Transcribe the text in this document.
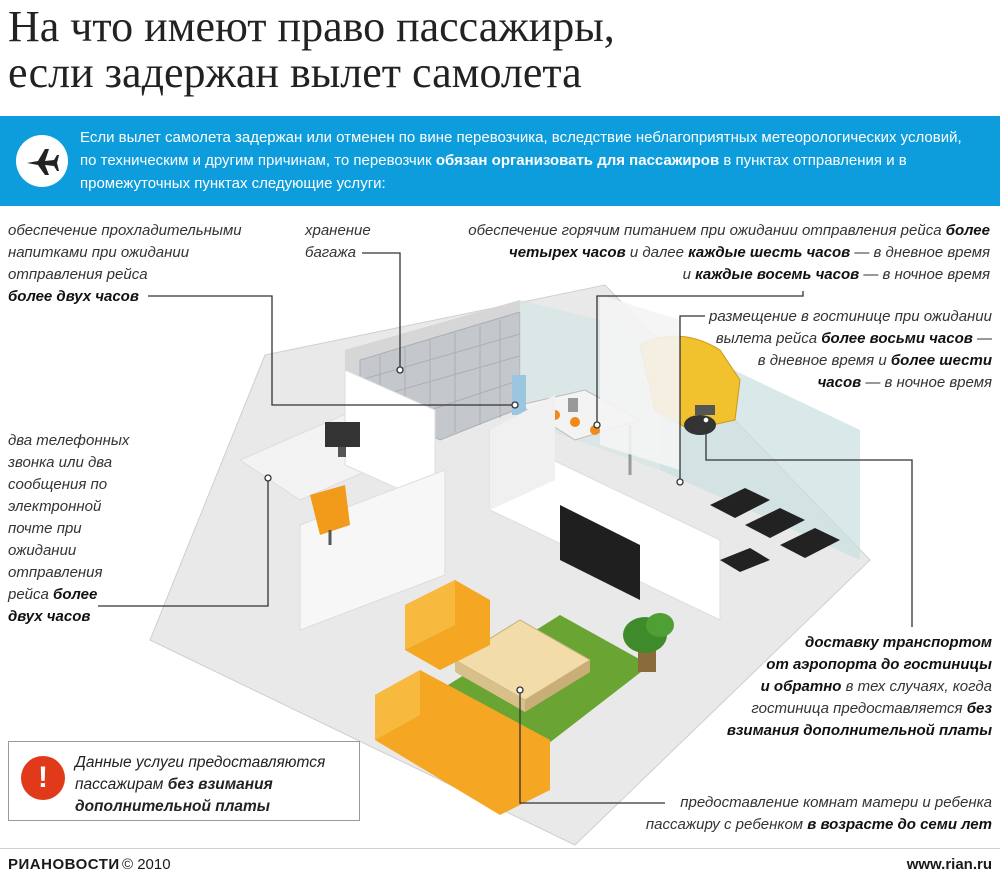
На что имеют право пассажиры,
если задержан вылет самолета
Если вылет самолета задержан или отменен по вине перевозчика, вследствие неблагоприятных метеорологических условий, по техническим и другим причинам, то перевозчик обязан организовать для пассажиров в пунктах отправления и в промежуточных пунктах следующие услуги:
обеспечение прохладительными
напитками при ожидании
отправления рейса
более двух часов
хранение
багажа
обеспечение горячим питанием при ожидании отправления рейса более
четырех часов и далее каждые шесть часов — в дневное время
и каждые восемь часов — в ночное время
размещение в гостинице при ожидании
вылета рейса более восьми часов —
в дневное время и более шести
часов — в ночное время
два телефонных
звонка или два
сообщения по
электронной
почте при
ожидании
отправления
рейса более
двух часов
доставку транспортом
от аэропорта до гостиницы
и обратно в тех случаях, когда
гостиница предоставляется без
взимания дополнительной платы
предоставление комнат матери и ребенка
пассажиру с ребенком в возрасте до семи лет
!	Данные услуги предоставляются
пассажирам без взимания
дополнительной платы
РИАНОВОСТИ © 2010	www.rian.ru
